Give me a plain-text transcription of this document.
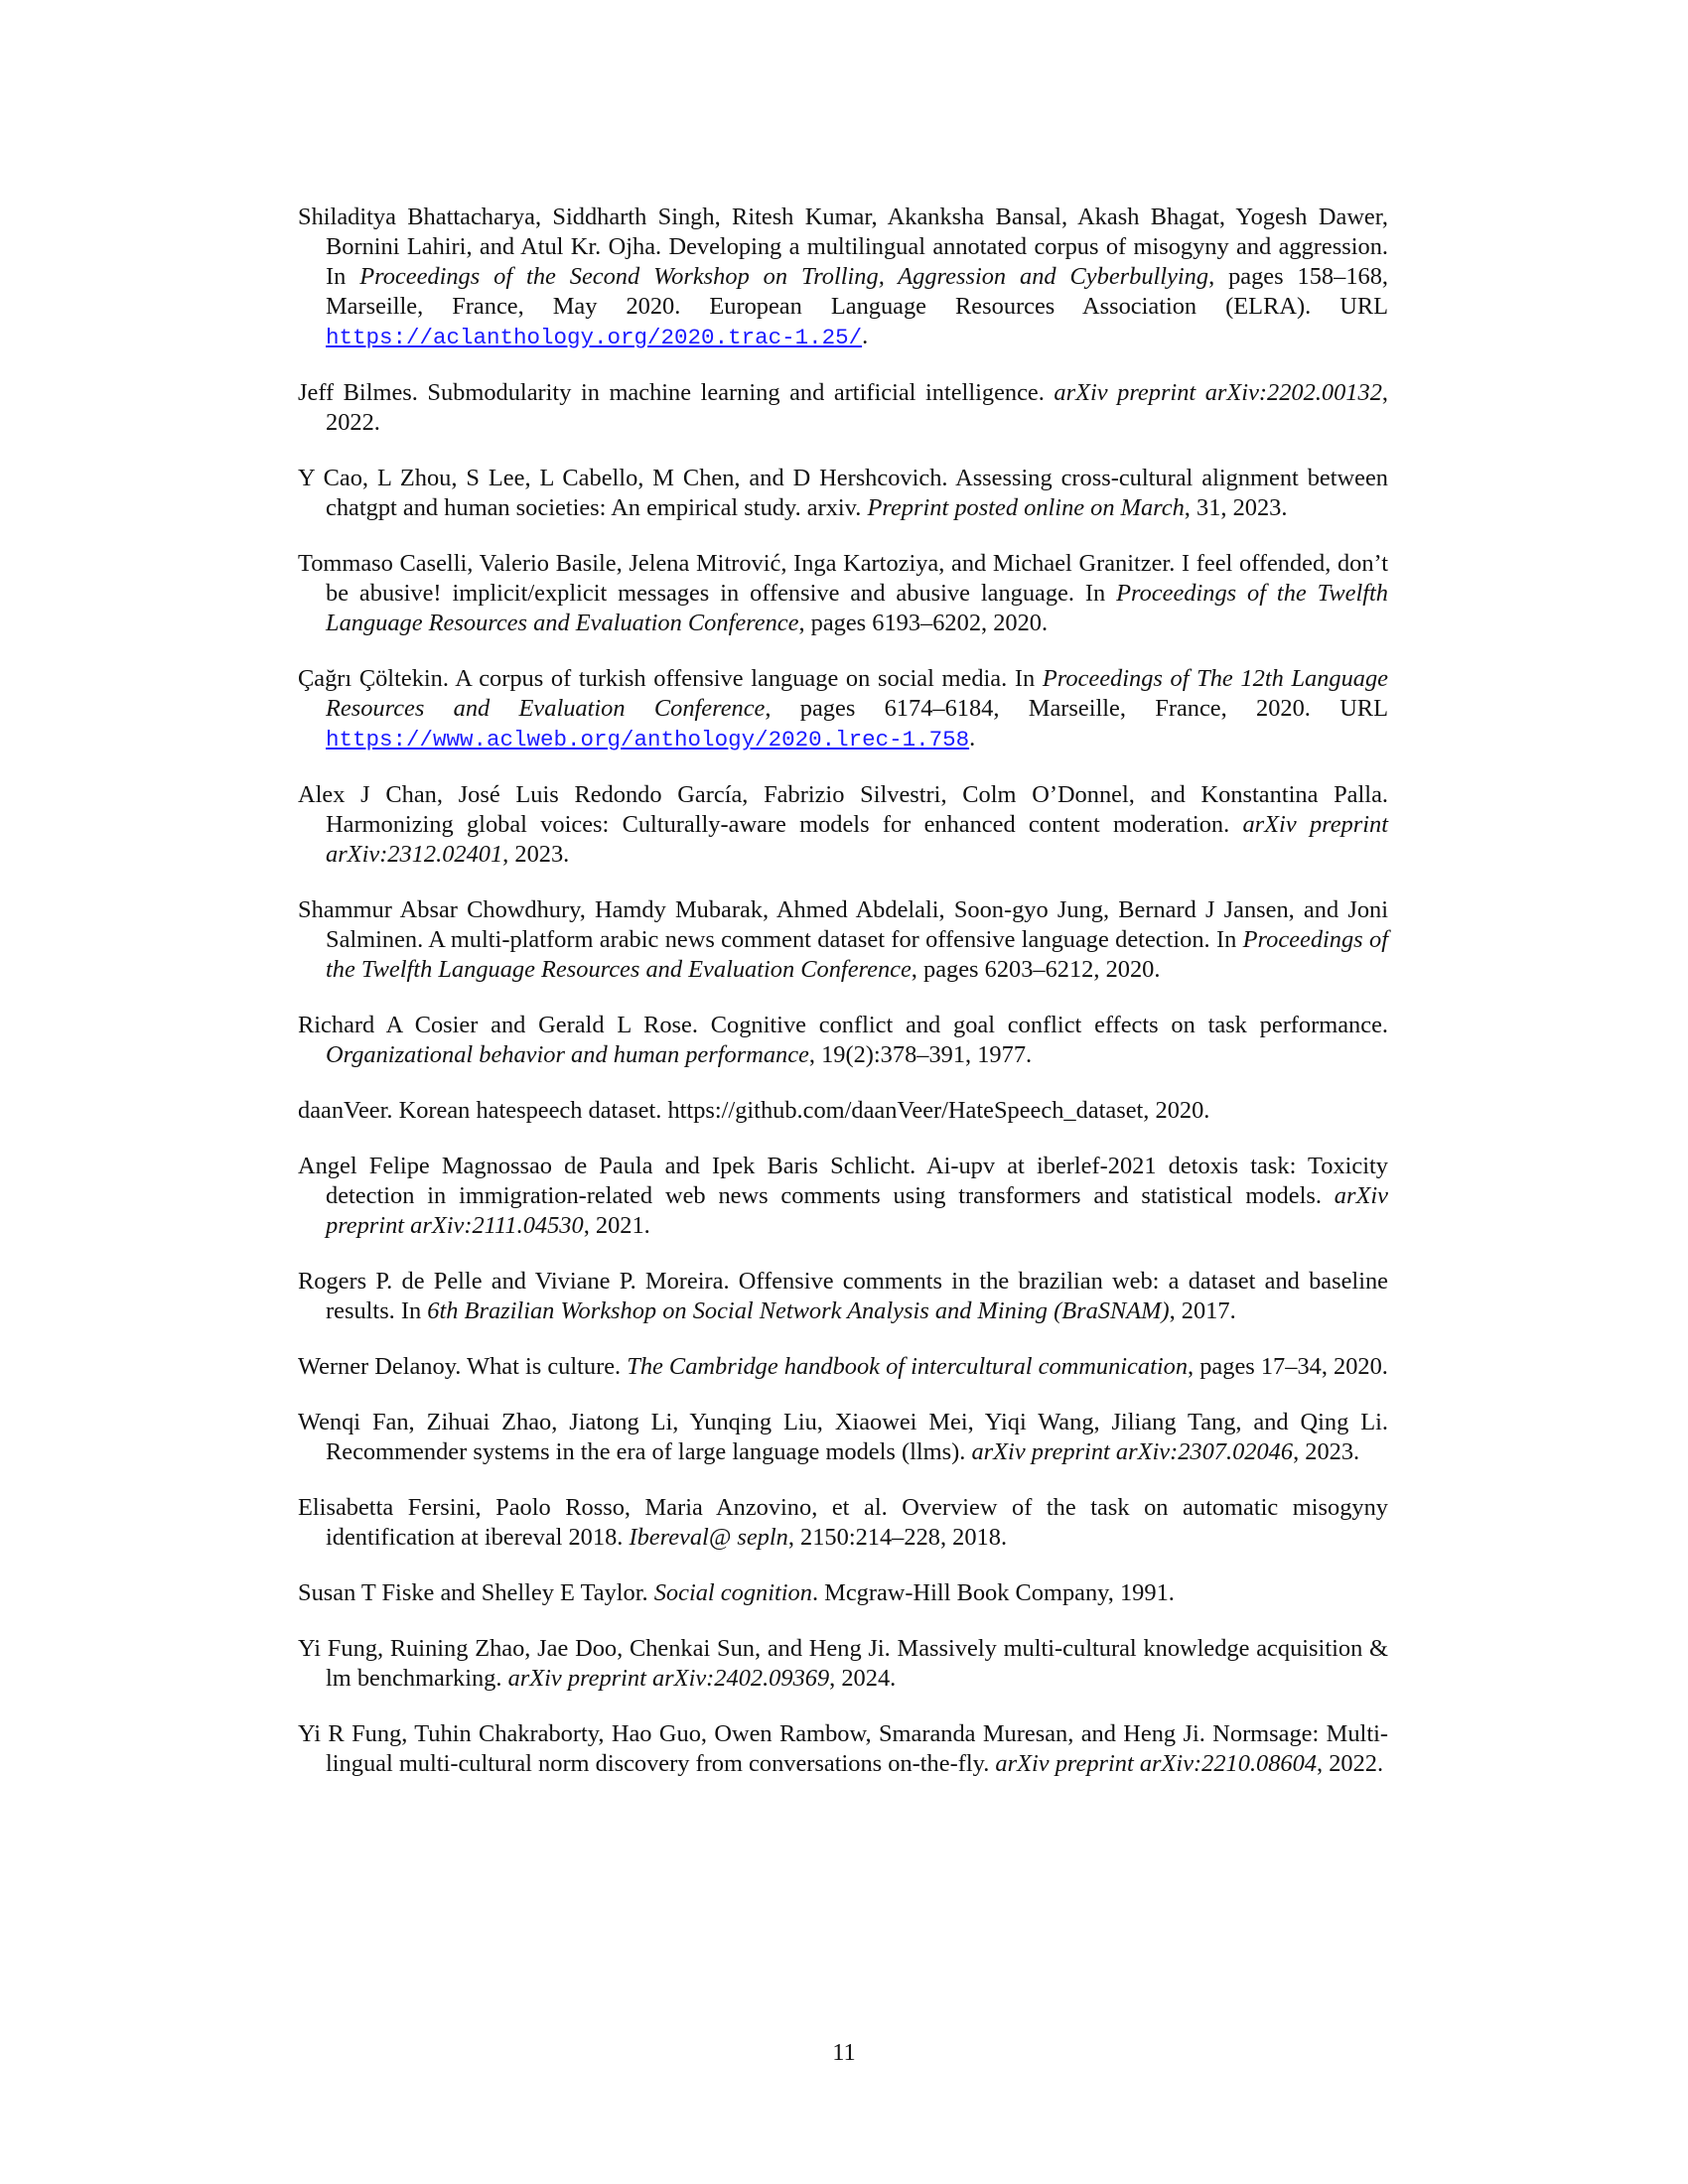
Shiladitya Bhattacharya, Siddharth Singh, Ritesh Kumar, Akanksha Bansal, Akash Bhagat, Yogesh Dawer, Bornini Lahiri, and Atul Kr. Ojha. Developing a multilingual annotated corpus of misogyny and aggression. In Proceedings of the Second Workshop on Trolling, Aggression and Cyberbullying, pages 158–168, Marseille, France, May 2020. European Language Resources Association (ELRA). URL https://aclanthology.org/2020.trac-1.25/.

Jeff Bilmes. Submodularity in machine learning and artificial intelligence. arXiv preprint arXiv:2202.00132, 2022.

Y Cao, L Zhou, S Lee, L Cabello, M Chen, and D Hershcovich. Assessing cross-cultural alignment between chatgpt and human societies: An empirical study. arxiv. Preprint posted online on March, 31, 2023.

Tommaso Caselli, Valerio Basile, Jelena Mitrović, Inga Kartoziya, and Michael Granitzer. I feel offended, don’t be abusive! implicit/explicit messages in offensive and abusive language. In Proceedings of the Twelfth Language Resources and Evaluation Conference, pages 6193–6202, 2020.

Çağrı Çöltekin. A corpus of turkish offensive language on social media. In Proceedings of The 12th Language Resources and Evaluation Conference, pages 6174–6184, Marseille, France, 2020. URL https://www.aclweb.org/anthology/2020.lrec-1.758.

Alex J Chan, José Luis Redondo García, Fabrizio Silvestri, Colm O’Donnel, and Konstantina Palla. Harmonizing global voices: Culturally-aware models for enhanced content moderation. arXiv preprint arXiv:2312.02401, 2023.

Shammur Absar Chowdhury, Hamdy Mubarak, Ahmed Abdelali, Soon-gyo Jung, Bernard J Jansen, and Joni Salminen. A multi-platform arabic news comment dataset for offensive language detection. In Proceedings of the Twelfth Language Resources and Evaluation Conference, pages 6203–6212, 2020.

Richard A Cosier and Gerald L Rose. Cognitive conflict and goal conflict effects on task performance. Organizational behavior and human performance, 19(2):378–391, 1977.

daanVeer. Korean hatespeech dataset. https://github.com/daanVeer/HateSpeech_dataset, 2020.

Angel Felipe Magnossao de Paula and Ipek Baris Schlicht. Ai-upv at iberlef-2021 detoxis task: Toxicity detection in immigration-related web news comments using transformers and statistical models. arXiv preprint arXiv:2111.04530, 2021.

Rogers P. de Pelle and Viviane P. Moreira. Offensive comments in the brazilian web: a dataset and baseline results. In 6th Brazilian Workshop on Social Network Analysis and Mining (BraSNAM), 2017.

Werner Delanoy. What is culture. The Cambridge handbook of intercultural communication, pages 17–34, 2020.

Wenqi Fan, Zihuai Zhao, Jiatong Li, Yunqing Liu, Xiaowei Mei, Yiqi Wang, Jiliang Tang, and Qing Li. Recommender systems in the era of large language models (llms). arXiv preprint arXiv:2307.02046, 2023.

Elisabetta Fersini, Paolo Rosso, Maria Anzovino, et al. Overview of the task on automatic misogyny identification at ibereval 2018. Ibereval@ sepln, 2150:214–228, 2018.

Susan T Fiske and Shelley E Taylor. Social cognition. Mcgraw-Hill Book Company, 1991.

Yi Fung, Ruining Zhao, Jae Doo, Chenkai Sun, and Heng Ji. Massively multi-cultural knowledge acquisition & lm benchmarking. arXiv preprint arXiv:2402.09369, 2024.

Yi R Fung, Tuhin Chakraborty, Hao Guo, Owen Rambow, Smaranda Muresan, and Heng Ji. Normsage: Multi-lingual multi-cultural norm discovery from conversations on-the-fly. arXiv preprint arXiv:2210.08604, 2022.

11
